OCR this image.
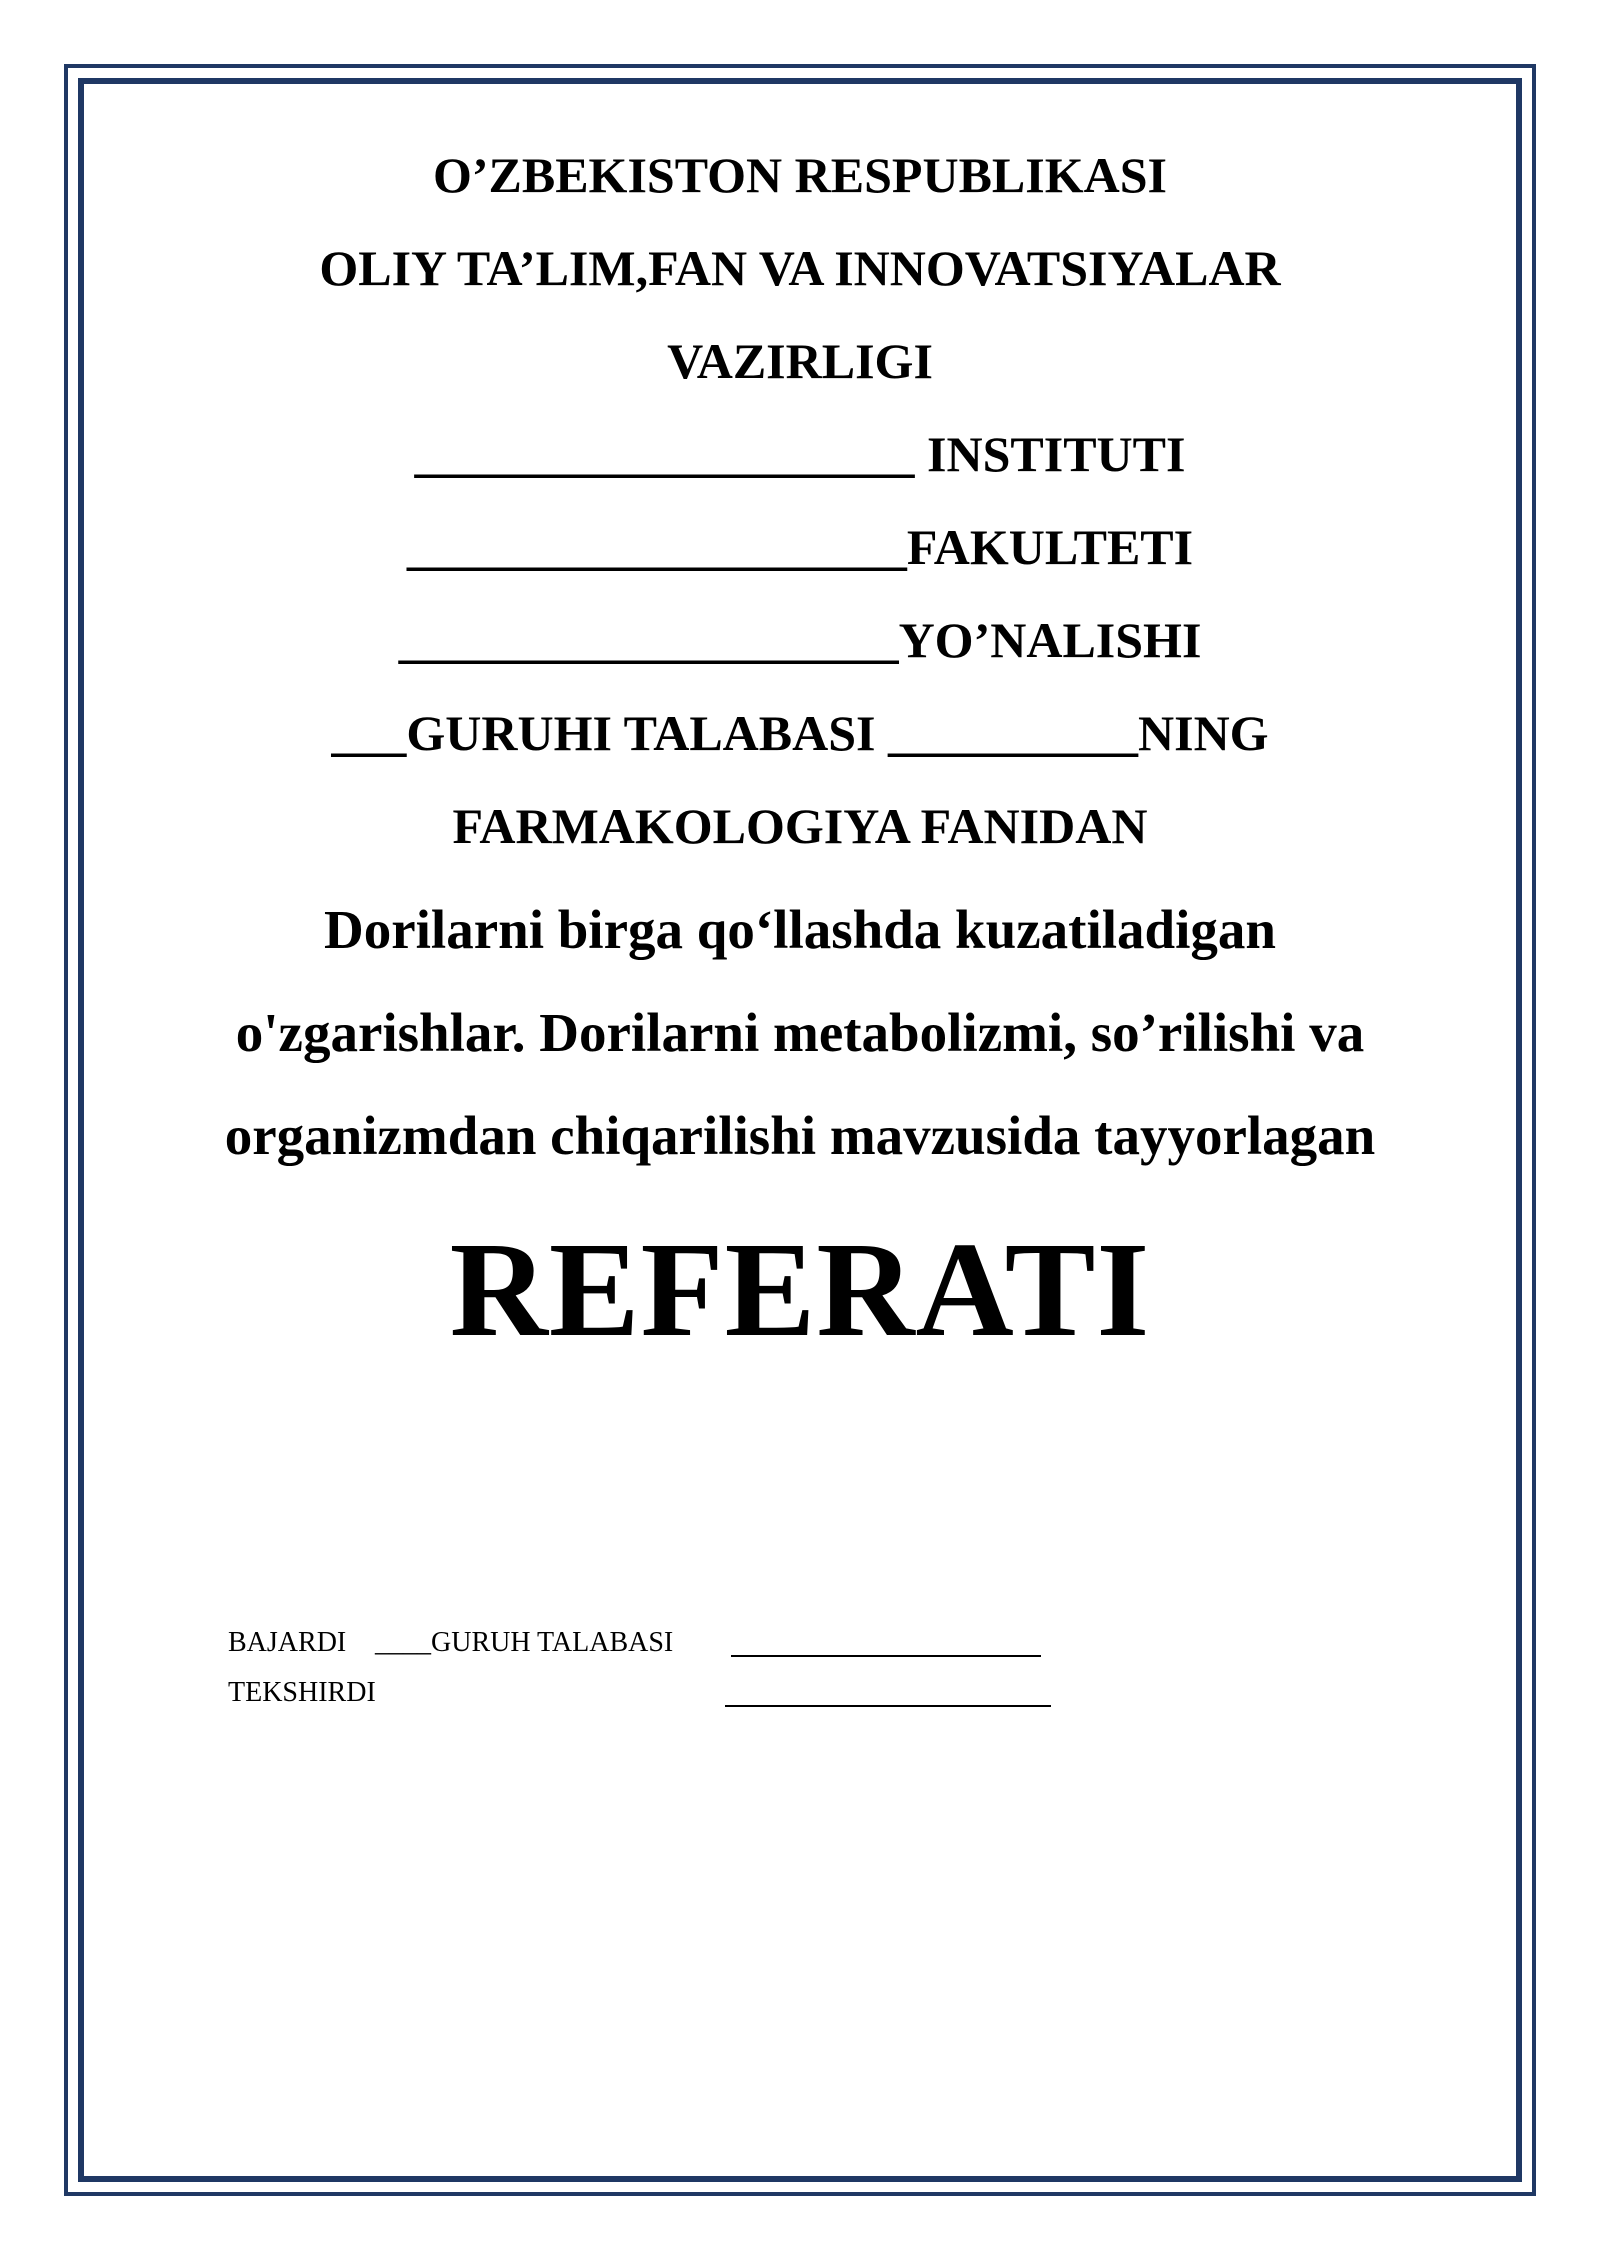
O’ZBEKISTON RESPUBLIKASI
OLIY TA’LIM,FAN VA INNOVATSIYALAR
VAZIRLIGI
____________________ INSTITUTI
____________________FAKULTETI
____________________YO’NALISHI
___GURUHI TALABASI __________NING
FARMAKOLOGIYA FANIDAN
Dorilarni birga qo‘llashda kuzatiladigan
o'zgarishlar. Dorilarni metabolizmi, so’rilishi va
organizmdan chiqarilishi mavzusida tayyorlagan
REFERATI
BAJARDI ____GURUH TALABASI
TEKSHIRDI
